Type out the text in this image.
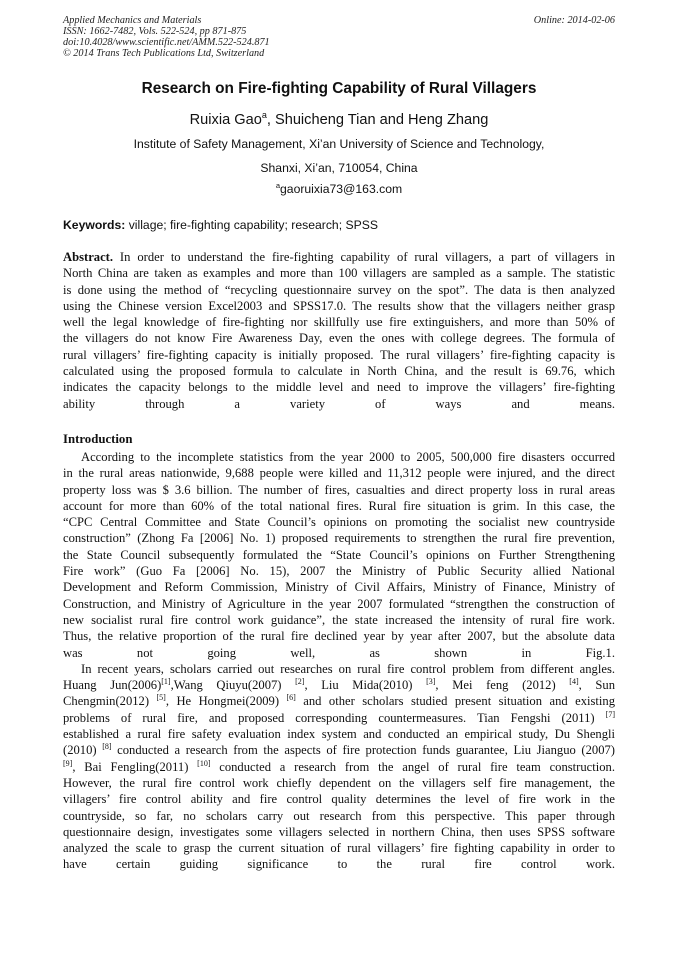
Applied Mechanics and Materials
ISSN: 1662-7482, Vols. 522-524, pp 871-875
doi:10.4028/www.scientific.net/AMM.522-524.871
© 2014 Trans Tech Publications Ltd, Switzerland
Online: 2014-02-06
Research on Fire-fighting Capability of Rural Villagers
Ruixia Gao$^a$, Shuicheng Tian and Heng Zhang
Institute of Safety Management, Xi’an University of Science and Technology,
Shanxi, Xi’an, 710054, China
$^a$gaoruixia73@163.com
Keywords: village; fire-fighting capability; research; SPSS
Abstract. In order to understand the fire-fighting capability of rural villagers, a part of villagers in
North China are taken as examples and more than 100 villagers are sampled as a sample. The statistic
is done using the method of “recycling questionnaire survey on the spot”. The data is then analyzed
using the Chinese version Excel2003 and SPSS17.0. The results show that the villagers neither grasp
well the legal knowledge of fire-fighting nor skillfully use fire extinguishers, and more than 50% of
the villagers do not know Fire Awareness Day, even the ones with college degrees. The formula of
rural villagers’ fire-fighting capacity is initially proposed. The rural villagers’ fire-fighting capacity is
calculated using the proposed formula to calculate in North China, and the result is 69.76, which
indicates the capacity belongs to the middle level and need to improve the villagers’ fire-fighting
ability through a variety of ways and means.
Introduction
According to the incomplete statistics from the year 2000 to 2005, 500,000 fire disasters occurred
in the rural areas nationwide, 9,688 people were killed and 11,312 people were injured, and the direct
property loss was $ 3.6 billion. The number of fires, casualties and direct property loss in rural areas
account for more than 60% of the total national fires. Rural fire situation is grim. In this case, the
“CPC Central Committee and State Council’s opinions on promoting the socialist new countryside
construction” (Zhong Fa [2006] No. 1) proposed requirements to strengthen the rural fire prevention,
the State Council subsequently formulated the “State Council’s opinions on Further Strengthening
Fire work” (Guo Fa [2006] No. 15), 2007 the Ministry of Public Security allied National
Development and Reform Commission, Ministry of Civil Affairs, Ministry of Finance, Ministry of
Construction, and Ministry of Agriculture in the year 2007 formulated “strengthen the construction of
new socialist rural fire control work guidance”, the state increased the intensity of rural fire work.
Thus, the relative proportion of the rural fire declined year by year after 2007, but the absolute data
was not going well, as shown in Fig.1.
In recent years, scholars carried out researches on rural fire control problem from different angles.
Huang Jun(2006)[1],Wang Qiuyu(2007) [2], Liu Mida(2010) [3], Mei feng (2012) [4], Sun
Chengmin(2012) [5], He Hongmei(2009) [6] and other scholars studied present situation and existing
problems of rural fire, and proposed corresponding countermeasures. Tian Fengshi (2011) [7]
established a rural fire safety evaluation index system and conducted an empirical study, Du Shengli
(2010) [8] conducted a research from the aspects of fire protection funds guarantee, Liu Jianguo (2007)
[9], Bai Fengling(2011) [10] conducted a research from the angel of rural fire team construction.
However, the rural fire control work chiefly dependent on the villagers self fire management, the
villagers’ fire control ability and fire control quality determines the level of fire work in the
countryside, so far, no scholars carry out research from this perspective. This paper through
questionnaire design, investigates some villagers selected in northern China, then uses SPSS software
analyzed the scale to grasp the current situation of rural villagers’ fire fighting capability in order to
have certain guiding significance to the rural fire control work.
